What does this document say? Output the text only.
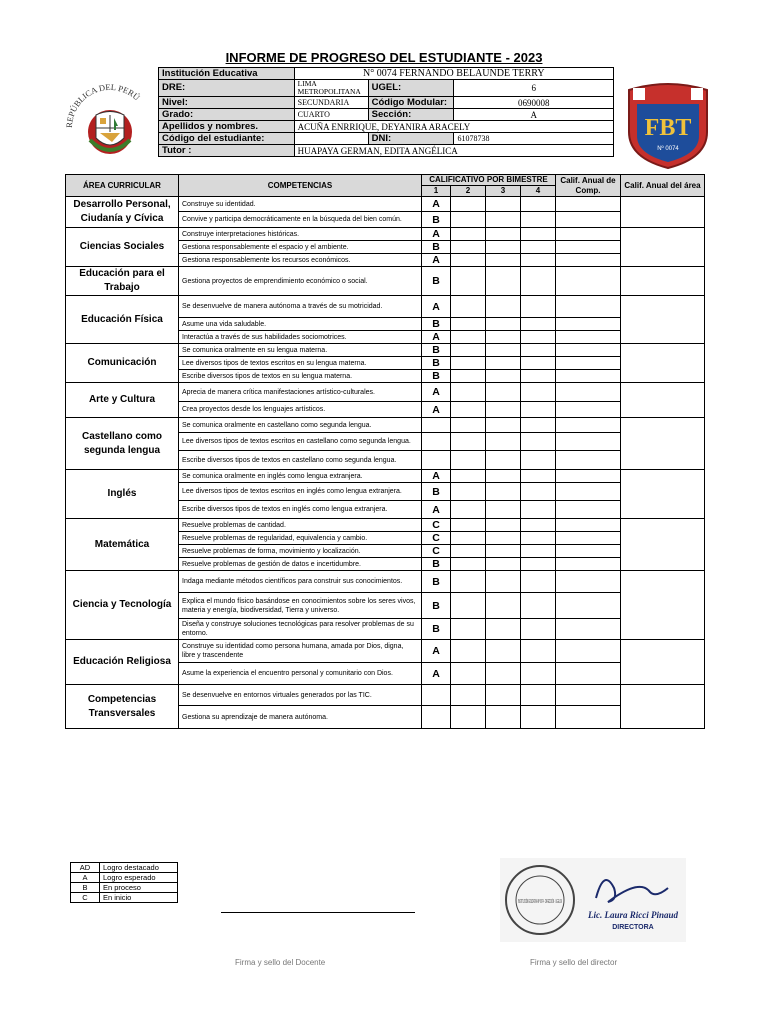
INFORME DE PROGRESO DEL ESTUDIANTE - 2023
REPÚBLICA DEL PERÚ
FBT
Nº 0074
Institución Educativa	N° 0074 FERNANDO BELAUNDE TERRY		
DRE:	LIMA METROPOLITANA	UGEL:	6
Nivel:	SECUNDARIA	Código Modular:	0690008
Grado:	CUARTO	Sección:	A
Apellidos y nombres.	ACUÑA ENRRIQUE, DEYANIRA ARACELY		
Código del estudiante:		DNI:	61078738
Tutor :	HUAPAYA GERMAN, EDITA ANGÉLICA		
ÁREA CURRICULAR	COMPETENCIAS	CALIFICATIVO POR BIMESTRE				Calif. Anual de Comp.	Calif. Anual del área
		1	2	3	4		
Desarrollo Personal, Ciudanía y Cívica	Construye su identidad.	A					
	Convive y participa democráticamente en la búsqueda del bien común.	B					
Ciencias Sociales	Construye interpretaciones históricas.	A					
	Gestiona responsablemente el espacio y el ambiente.	B					
	Gestiona responsablemente los recursos económicos.	A					
Educación para el Trabajo	Gestiona proyectos de emprendimiento económico o social.	B					
Educación Física	Se desenvuelve de manera autónoma a través de su motricidad.	A					
	Asume una vida saludable.	B					
	Interactúa a través de sus habilidades sociomotrices.	A					
Comunicación	Se comunica oralmente en su lengua materna.	B					
	Lee diversos tipos de textos escritos en su lengua materna.	B					
	Escribe diversos tipos de textos en su lengua materna.	B					
Arte y Cultura	Aprecia de manera crítica manifestaciones artístico-culturales.	A					
	Crea proyectos desde los lenguajes artísticos.	A					
Castellano como segunda lengua	Se comunica oralmente en castellano como segunda lengua.						
	Lee diversos tipos de textos escritos en castellano como segunda lengua.						
	Escribe diversos tipos de textos en castellano como segunda lengua.						
Inglés	Se comunica oralmente en inglés como lengua extranjera.	A					
	Lee diversos tipos de textos escritos en inglés como lengua extranjera.	B					
	Escribe diversos tipos de textos en inglés como lengua extranjera.	A					
Matemática	Resuelve problemas de cantidad.	C					
	Resuelve problemas de regularidad, equivalencia y cambio.	C					
	Resuelve problemas de forma, movimiento y localización.	C					
	Resuelve problemas de gestión de datos e incertidumbre.	B					
Ciencia y Tecnología	Indaga mediante métodos científicos para construir sus conocimientos.	B					
	Explica el mundo físico basándose en conocimientos sobre los seres vivos, materia y energía, biodiversidad, Tierra y universo.	B					
	Diseña y construye soluciones tecnológicas para resolver problemas de su entorno.	B					
Educación Religiosa	Construye su identidad como persona humana, amada por Dios, digna, libre y trascendente	A					
	Asume la experiencia el encuentro personal y comunitario con Dios.	A					
Competencias Transversales	Se desenvuelve en entornos virtuales generados por las TIC.						
	Gestiona su aprendizaje de manera autónoma.						
AD	Logro destacado
A	Logro esperado
B	En proceso
C	En inicio
Lic. Laura Ricci Pinaud
DIRECTORA
Firma y sello del Docente	Firma y sello del director
